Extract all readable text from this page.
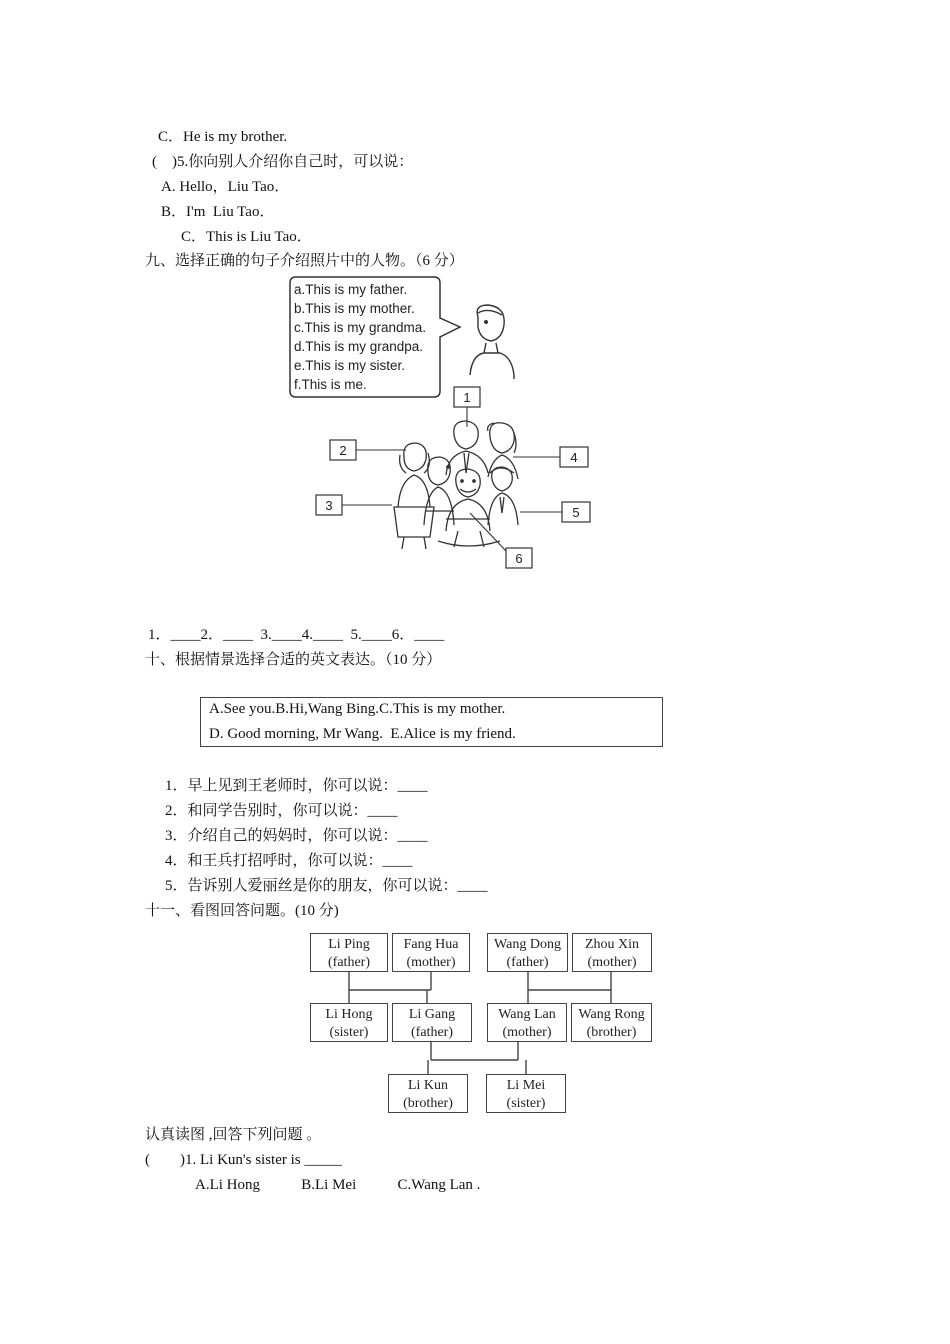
C．He is my brother.
(    )5.你向别人介绍你自己时，可以说：
A. Hello，Liu Tao．
B．I'm  Liu Tao．
C．This is Liu Tao．
九、选择正确的句子介绍照片中的人物。（6 分）
a.This is my father.
b.This is my mother.
c.This is my grandma.
d.This is my grandpa.
e.This is my sister.
f.This is me.
1
2
3
4
5
6
1．____2．____  3.____4.____  5.____6．____
十、根据情景选择合适的英文表达。（10 分）
A.See you.B.Hi,Wang Bing.C.This is my mother.
D. Good morning, Mr Wang.  E.Alice is my friend.
1．早上见到王老师时，你可以说：____
2．和同学告别时，你可以说：____
3．介绍自己的妈妈时，你可以说：____
4．和王兵打招呼时，你可以说：____
5．告诉别人爱丽丝是你的朋友，你可以说：____
十一、看图回答问题。(10 分)
Li Ping
(father)
Fang Hua
(mother)
Wang Dong
(father)
Zhou Xin
(mother)
Li Hong
(sister)
Li Gang
(father)
Wang Lan
(mother)
Wang Rong
(brother)
Li Kun
(brother)
Li Mei
(sister)
认真读图 ,回答下列问题 。
(        )1. Li Kun's sister is _____
A.Li Hong           B.Li Mei           C.Wang Lan .
